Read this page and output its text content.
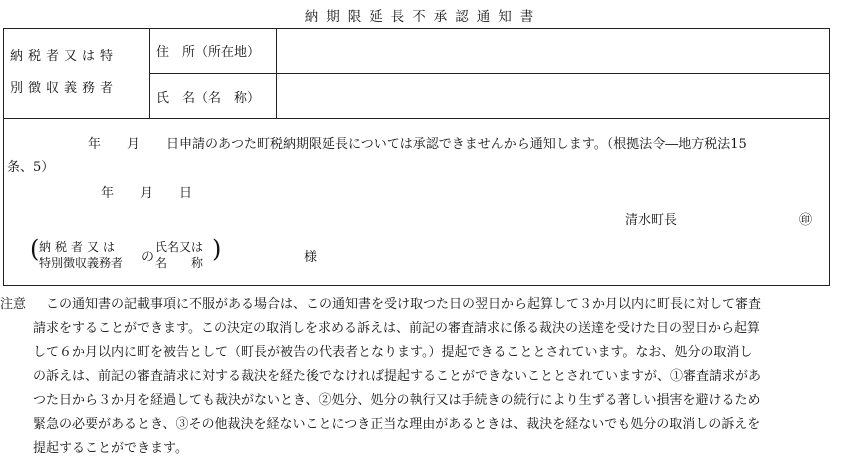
納期限延長不承認通知書
納税者又は特
別徴収義務者
住　所（所在地）
氏　名（名　称）
年　　月　　日申請のあつた町税納期限延長については承認できませんから通知します。（根拠法令―地方税法15
条、5）
年　　月　　日
清水町長	㊞
( 納税者又は
特別徴収義務者 の
氏名又は
名　　称 )	様
注意 この通知書の記載事項に不服がある場合は、この通知書を受け取つた日の翌日から起算して３か月以内に町長に対して審査
請求をすることができます。この決定の取消しを求める訴えは、前記の審査請求に係る裁決の送達を受けた日の翌日から起算
して６か月以内に町を被告として（町長が被告の代表者となります。）提起できることとされています。なお、処分の取消し
の訴えは、前記の審査請求に対する裁決を経た後でなければ提起することができないこととされていますが、①審査請求があ
つた日から３か月を経過しても裁決がないとき、②処分、処分の執行又は手続きの続行により生ずる著しい損害を避けるため
緊急の必要があるとき、③その他裁決を経ないことにつき正当な理由があるときは、裁決を経ないでも処分の取消しの訴えを
提起することができます。
